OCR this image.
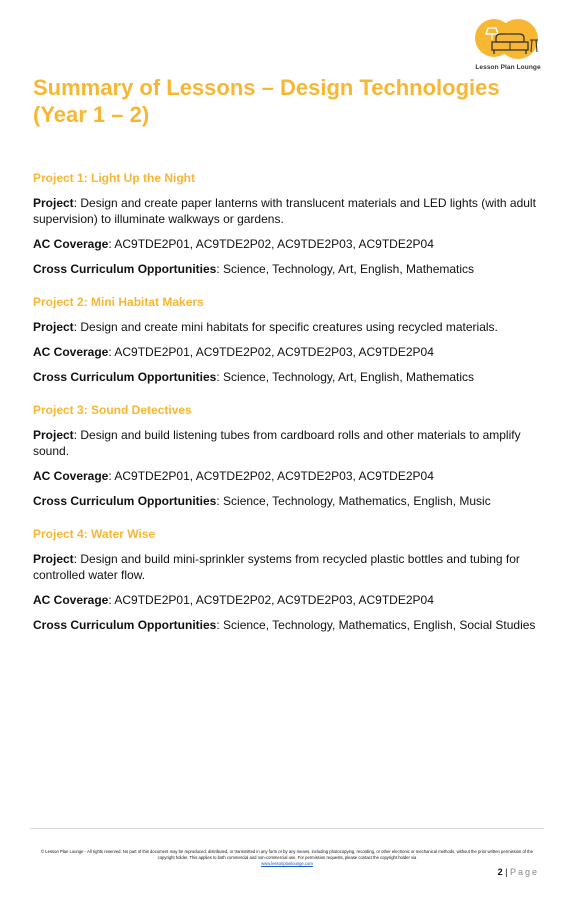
Lesson Plan Lounge
Summary of Lessons – Design Technologies (Year 1 – 2)
Project 1: Light Up the Night

Project: Design and create paper lanterns with translucent materials and LED lights (with adult supervision) to illuminate walkways or gardens.

AC Coverage: AC9TDE2P01, AC9TDE2P02, AC9TDE2P03, AC9TDE2P04

Cross Curriculum Opportunities: Science, Technology, Art, English, Mathematics

Project 2: Mini Habitat Makers

Project: Design and create mini habitats for specific creatures using recycled materials.

AC Coverage: AC9TDE2P01, AC9TDE2P02, AC9TDE2P03, AC9TDE2P04

Cross Curriculum Opportunities: Science, Technology, Art, English, Mathematics

Project 3: Sound Detectives

Project: Design and build listening tubes from cardboard rolls and other materials to amplify sound.

AC Coverage: AC9TDE2P01, AC9TDE2P02, AC9TDE2P03, AC9TDE2P04

Cross Curriculum Opportunities: Science, Technology, Mathematics, English, Music

Project 4: Water Wise

Project: Design and build mini-sprinkler systems from recycled plastic bottles and tubing for controlled water flow.

AC Coverage: AC9TDE2P01, AC9TDE2P02, AC9TDE2P03, AC9TDE2P04

Cross Curriculum Opportunities: Science, Technology, Mathematics, English, Social Studies

© Lesson Plan Lounge - All rights reserved. No part of this document may be reproduced, distributed, or transmitted in any form or by any means, including photocopying, recording, or other electronic or mechanical methods, without the prior written permission of the copyright holder. This applies to both commercial and non-commercial use. For permission requests, please contact the copyright holder via
www.lessonplanlounge.com
2 | Page
